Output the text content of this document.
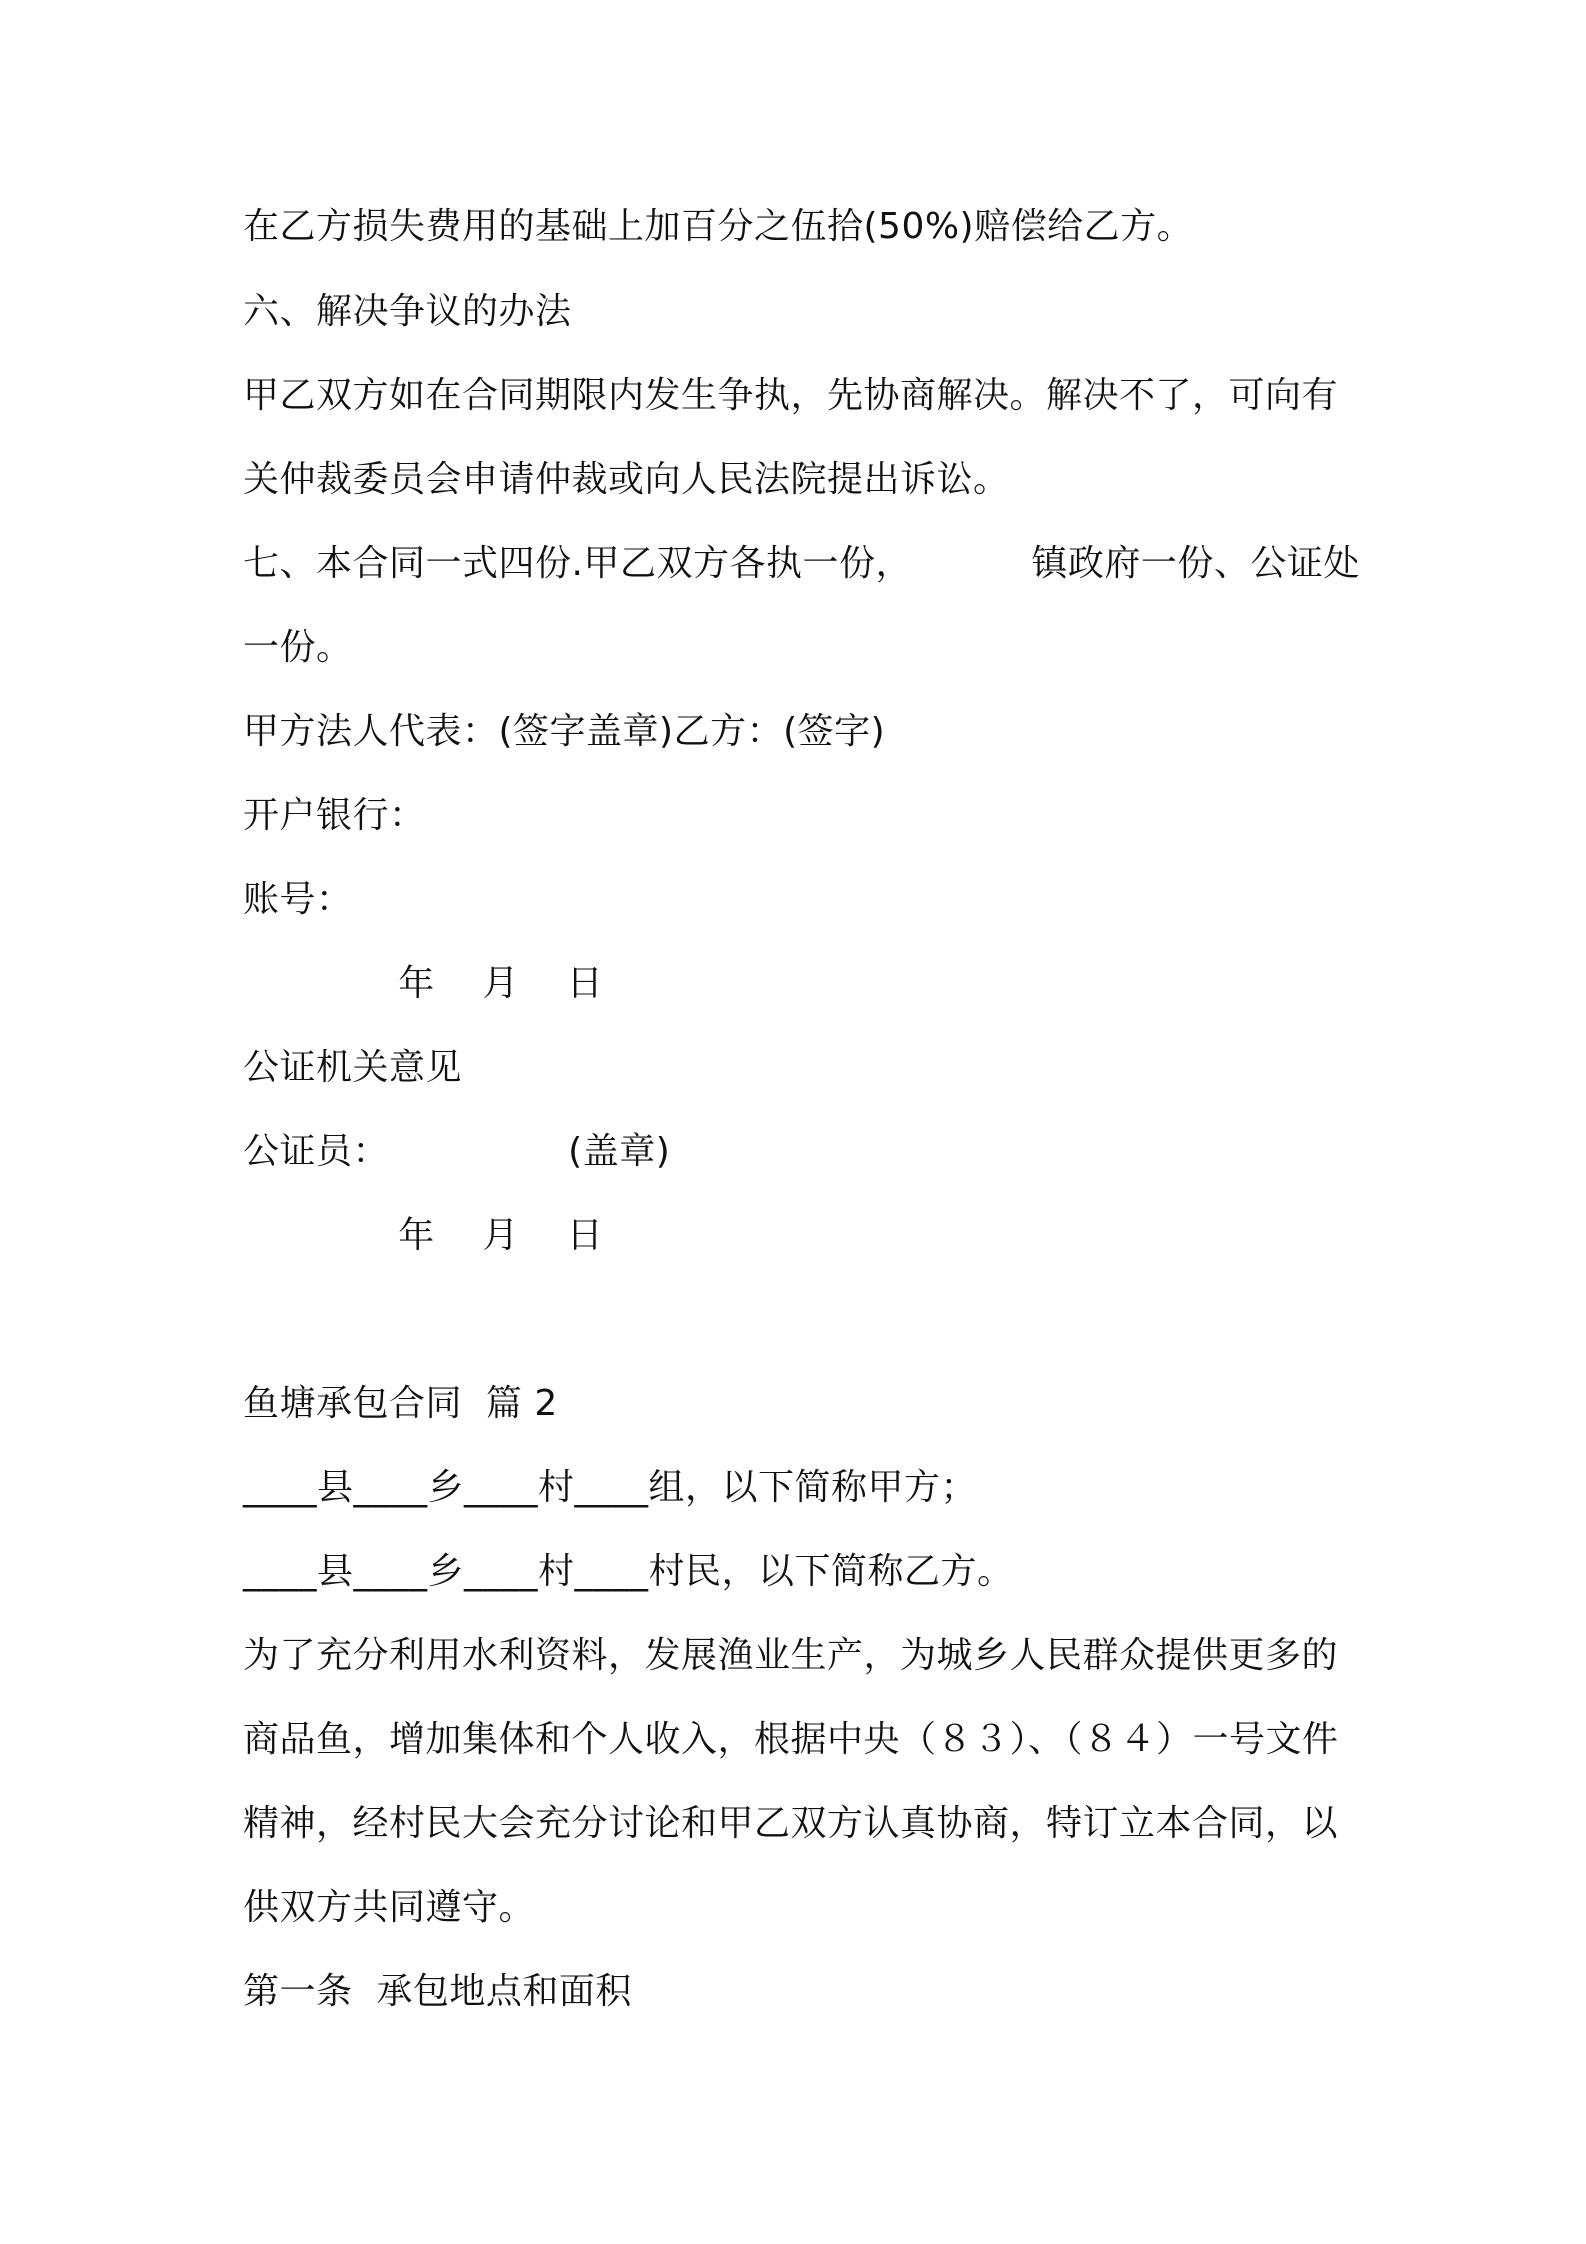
在乙方损失费用的基础上加百分之伍拾(50%)赔偿给乙方。
六、解决争议的办法
甲乙双方如在合同期限内发生争执，先协商解决。解决不了，可向有
关仲裁委员会申请仲裁或向人民法院提出诉讼。
七、本合同一式四份.甲乙双方各执一份，          镇政府一份、公证处
一份。
甲方法人代表：(签字盖章)乙方：(签字)
开户银行：
账号：
年    月    日
公证机关意见
公证员：               (盖章)
年    月    日
鱼塘承包合同  篇 2
____县____乡____村____组，以下简称甲方；
____县____乡____村____村民，以下简称乙方。
为了充分利用水利资料，发展渔业生产，为城乡人民群众提供更多的
商品鱼，增加集体和个人收入，根据中央（８３）、（８４）一号文件
精神，经村民大会充分讨论和甲乙双方认真协商，特订立本合同，以
供双方共同遵守。
第一条  承包地点和面积
